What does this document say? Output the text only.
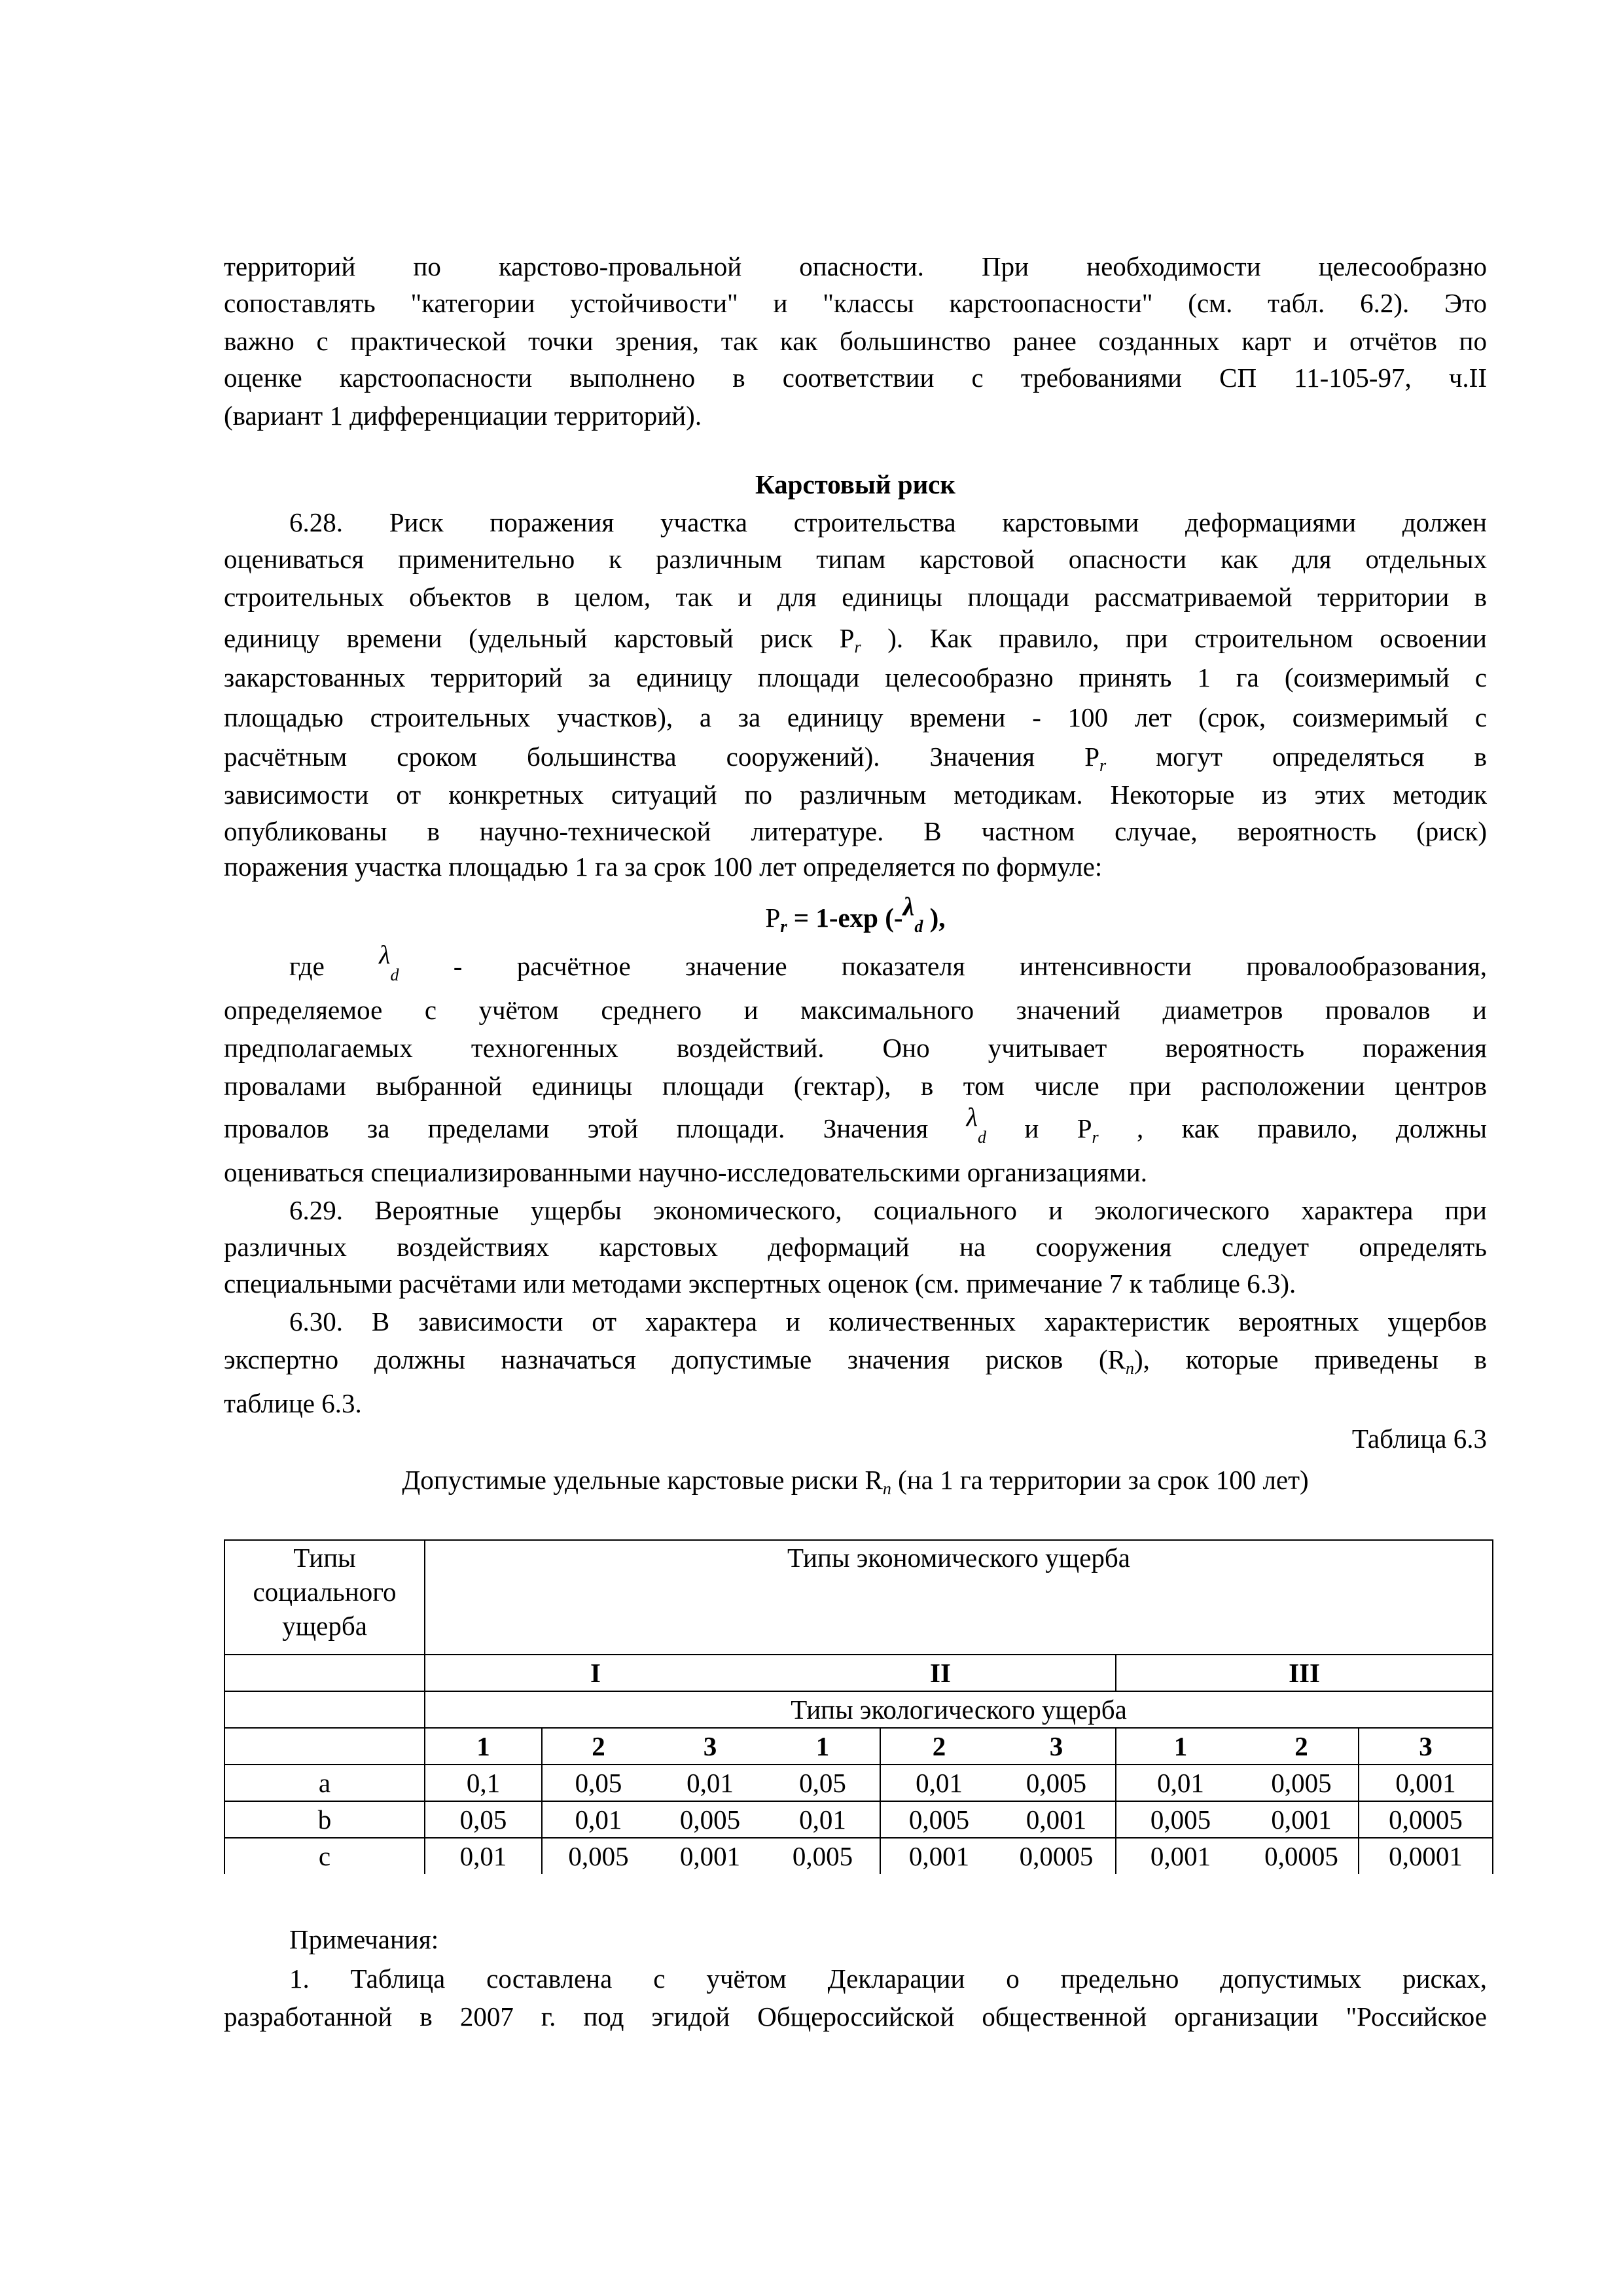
территорий по карстово-провальной опасности. При необходимости целесообразно
сопоставлять "категории устойчивости" и "классы карстоопасности" (см. табл. 6.2). Это
важно с практической точки зрения, так как большинство ранее созданных карт и отчётов по
оценке карстоопасности выполнено в соответствии с требованиями СП 11-105-97, ч.II
(вариант 1 дифференциации территорий).
Карстовый риск
6.28. Риск поражения участка строительства карстовыми деформациями должен
оцениваться применительно к различным типам карстовой опасности как для отдельных
строительных объектов в целом, так и для единицы площади рассматриваемой территории в
единицу времени (удельный карстовый риск $P_r$ ). Как правило, при строительном освоении
закарстованных территорий за единицу площади целесообразно принять 1 га (соизмеримый с
площадью строительных участков), а за единицу времени - 100 лет (срок, соизмеримый с
расчётным сроком большинства сооружений). Значения $P_r$ могут определяться в
зависимости от конкретных ситуаций по различным методикам. Некоторые из этих методик
опубликованы в научно-технической литературе. В частном случае, вероятность (риск)
поражения участка площадью 1 га за срок 100 лет определяется по формуле:
$P_r = 1-\exp$ ($-\lambda_d$ ),
где $\lambda_d$ - расчётное значение показателя интенсивности провалообразования,
определяемое с учётом среднего и максимального значений диаметров провалов и
предполагаемых техногенных воздействий. Оно учитывает вероятность поражения
провалами выбранной единицы площади (гектар), в том числе при расположении центров
провалов за пределами этой площади. Значения $\lambda_d$ и $P_r$ , как правило, должны
оцениваться специализированными научно-исследовательскими организациями.
6.29. Вероятные ущербы экономического, социального и экологического характера при
различных воздействиях карстовых деформаций на сооружения следует определять
специальными расчётами или методами экспертных оценок (см. примечание 7 к таблице 6.3).
6.30. В зависимости от характера и количественных характеристик вероятных ущербов
экспертно должны назначаться допустимые значения рисков $(R_n)$, которые приведены в
таблице 6.3.
Таблица 6.3
Допустимые удельные карстовые риски $R_n$ (на 1 га территории за срок 100 лет)
Типы
социального
ущерба	Типы экономического ущерба								
	I			II			III		
	Типы экологического ущерба								
	1	2	3	1	2	3	1	2	3
a	0,1	0,05	0,01	0,05	0,01	0,005	0,01	0,005	0,001
b	0,05	0,01	0,005	0,01	0,005	0,001	0,005	0,001	0,0005
c	0,01	0,005	0,001	0,005	0,001	0,0005	0,001	0,0005	0,0001
Примечания:
1. Таблица составлена с учётом Декларации о предельно допустимых рисках,
разработанной в 2007 г. под эгидой Общероссийской общественной организации "Российское
